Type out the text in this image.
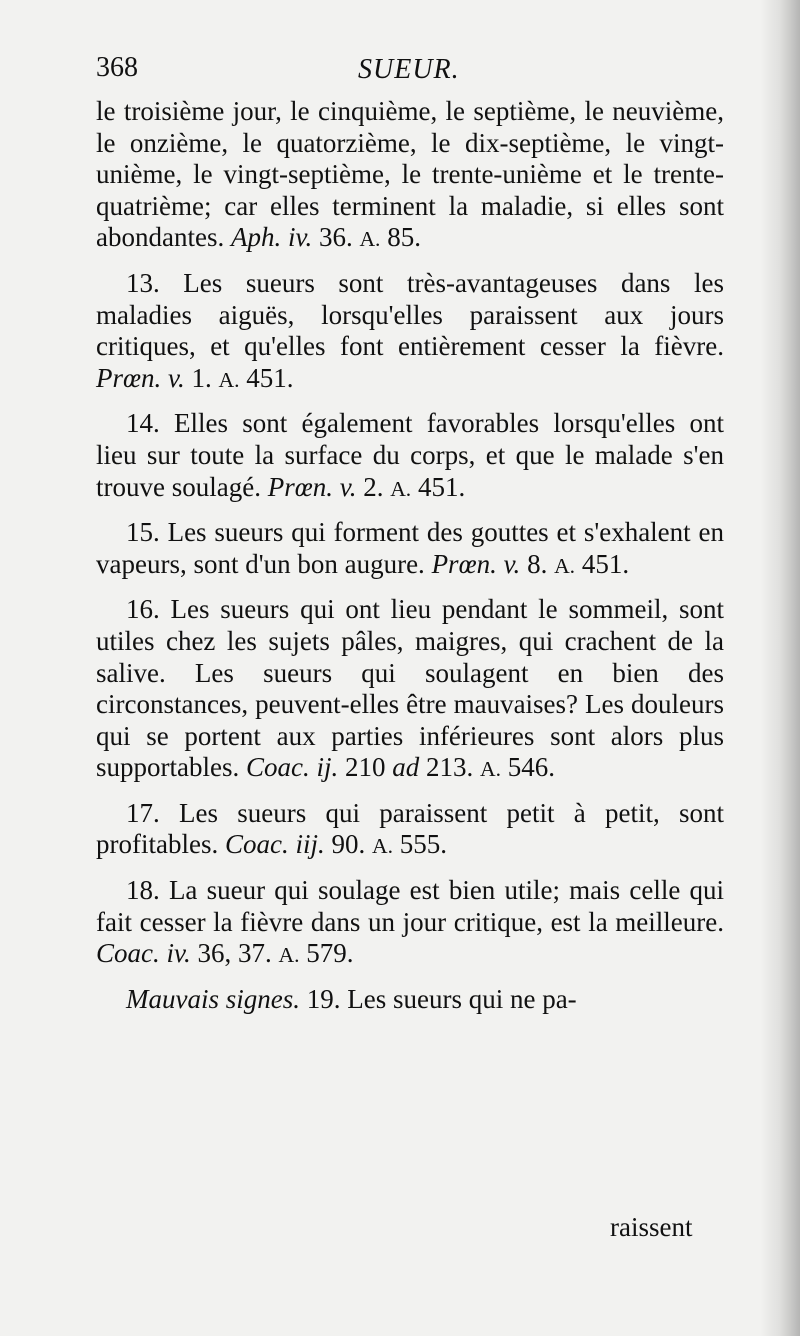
368	SUEUR.

le troisième jour, le cinquième, le septième, le neuvième, le onzième, le quatorzième, le dix-septième, le vingt-unième, le vingt-septième, le trente-unième et le trente-quatrième; car elles terminent la maladie, si elles sont abondantes. Aph. iv. 36. A. 85.

13. Les sueurs sont très-avantageuses dans les maladies aiguës, lorsqu'elles paraissent aux jours critiques, et qu'elles font entièrement cesser la fièvre. Prœn. v. 1. A. 451.

14. Elles sont également favorables lorsqu'elles ont lieu sur toute la surface du corps, et que le malade s'en trouve soulagé. Prœn. v. 2. A. 451.

15. Les sueurs qui forment des gouttes et s'exhalent en vapeurs, sont d'un bon augure. Prœn. v. 8. A. 451.

16. Les sueurs qui ont lieu pendant le sommeil, sont utiles chez les sujets pâles, maigres, qui crachent de la salive. Les sueurs qui soulagent en bien des circonstances, peuvent-elles être mauvaises? Les douleurs qui se portent aux parties inférieures sont alors plus supportables. Coac. ij. 210 ad 213. A. 546.

17. Les sueurs qui paraissent petit à petit, sont profitables. Coac. iij. 90. A. 555.

18. La sueur qui soulage est bien utile; mais celle qui fait cesser la fièvre dans un jour critique, est la meilleure. Coac. iv. 36, 37. A. 579.

Mauvais signes. 19. Les sueurs qui ne pa-

raissent
